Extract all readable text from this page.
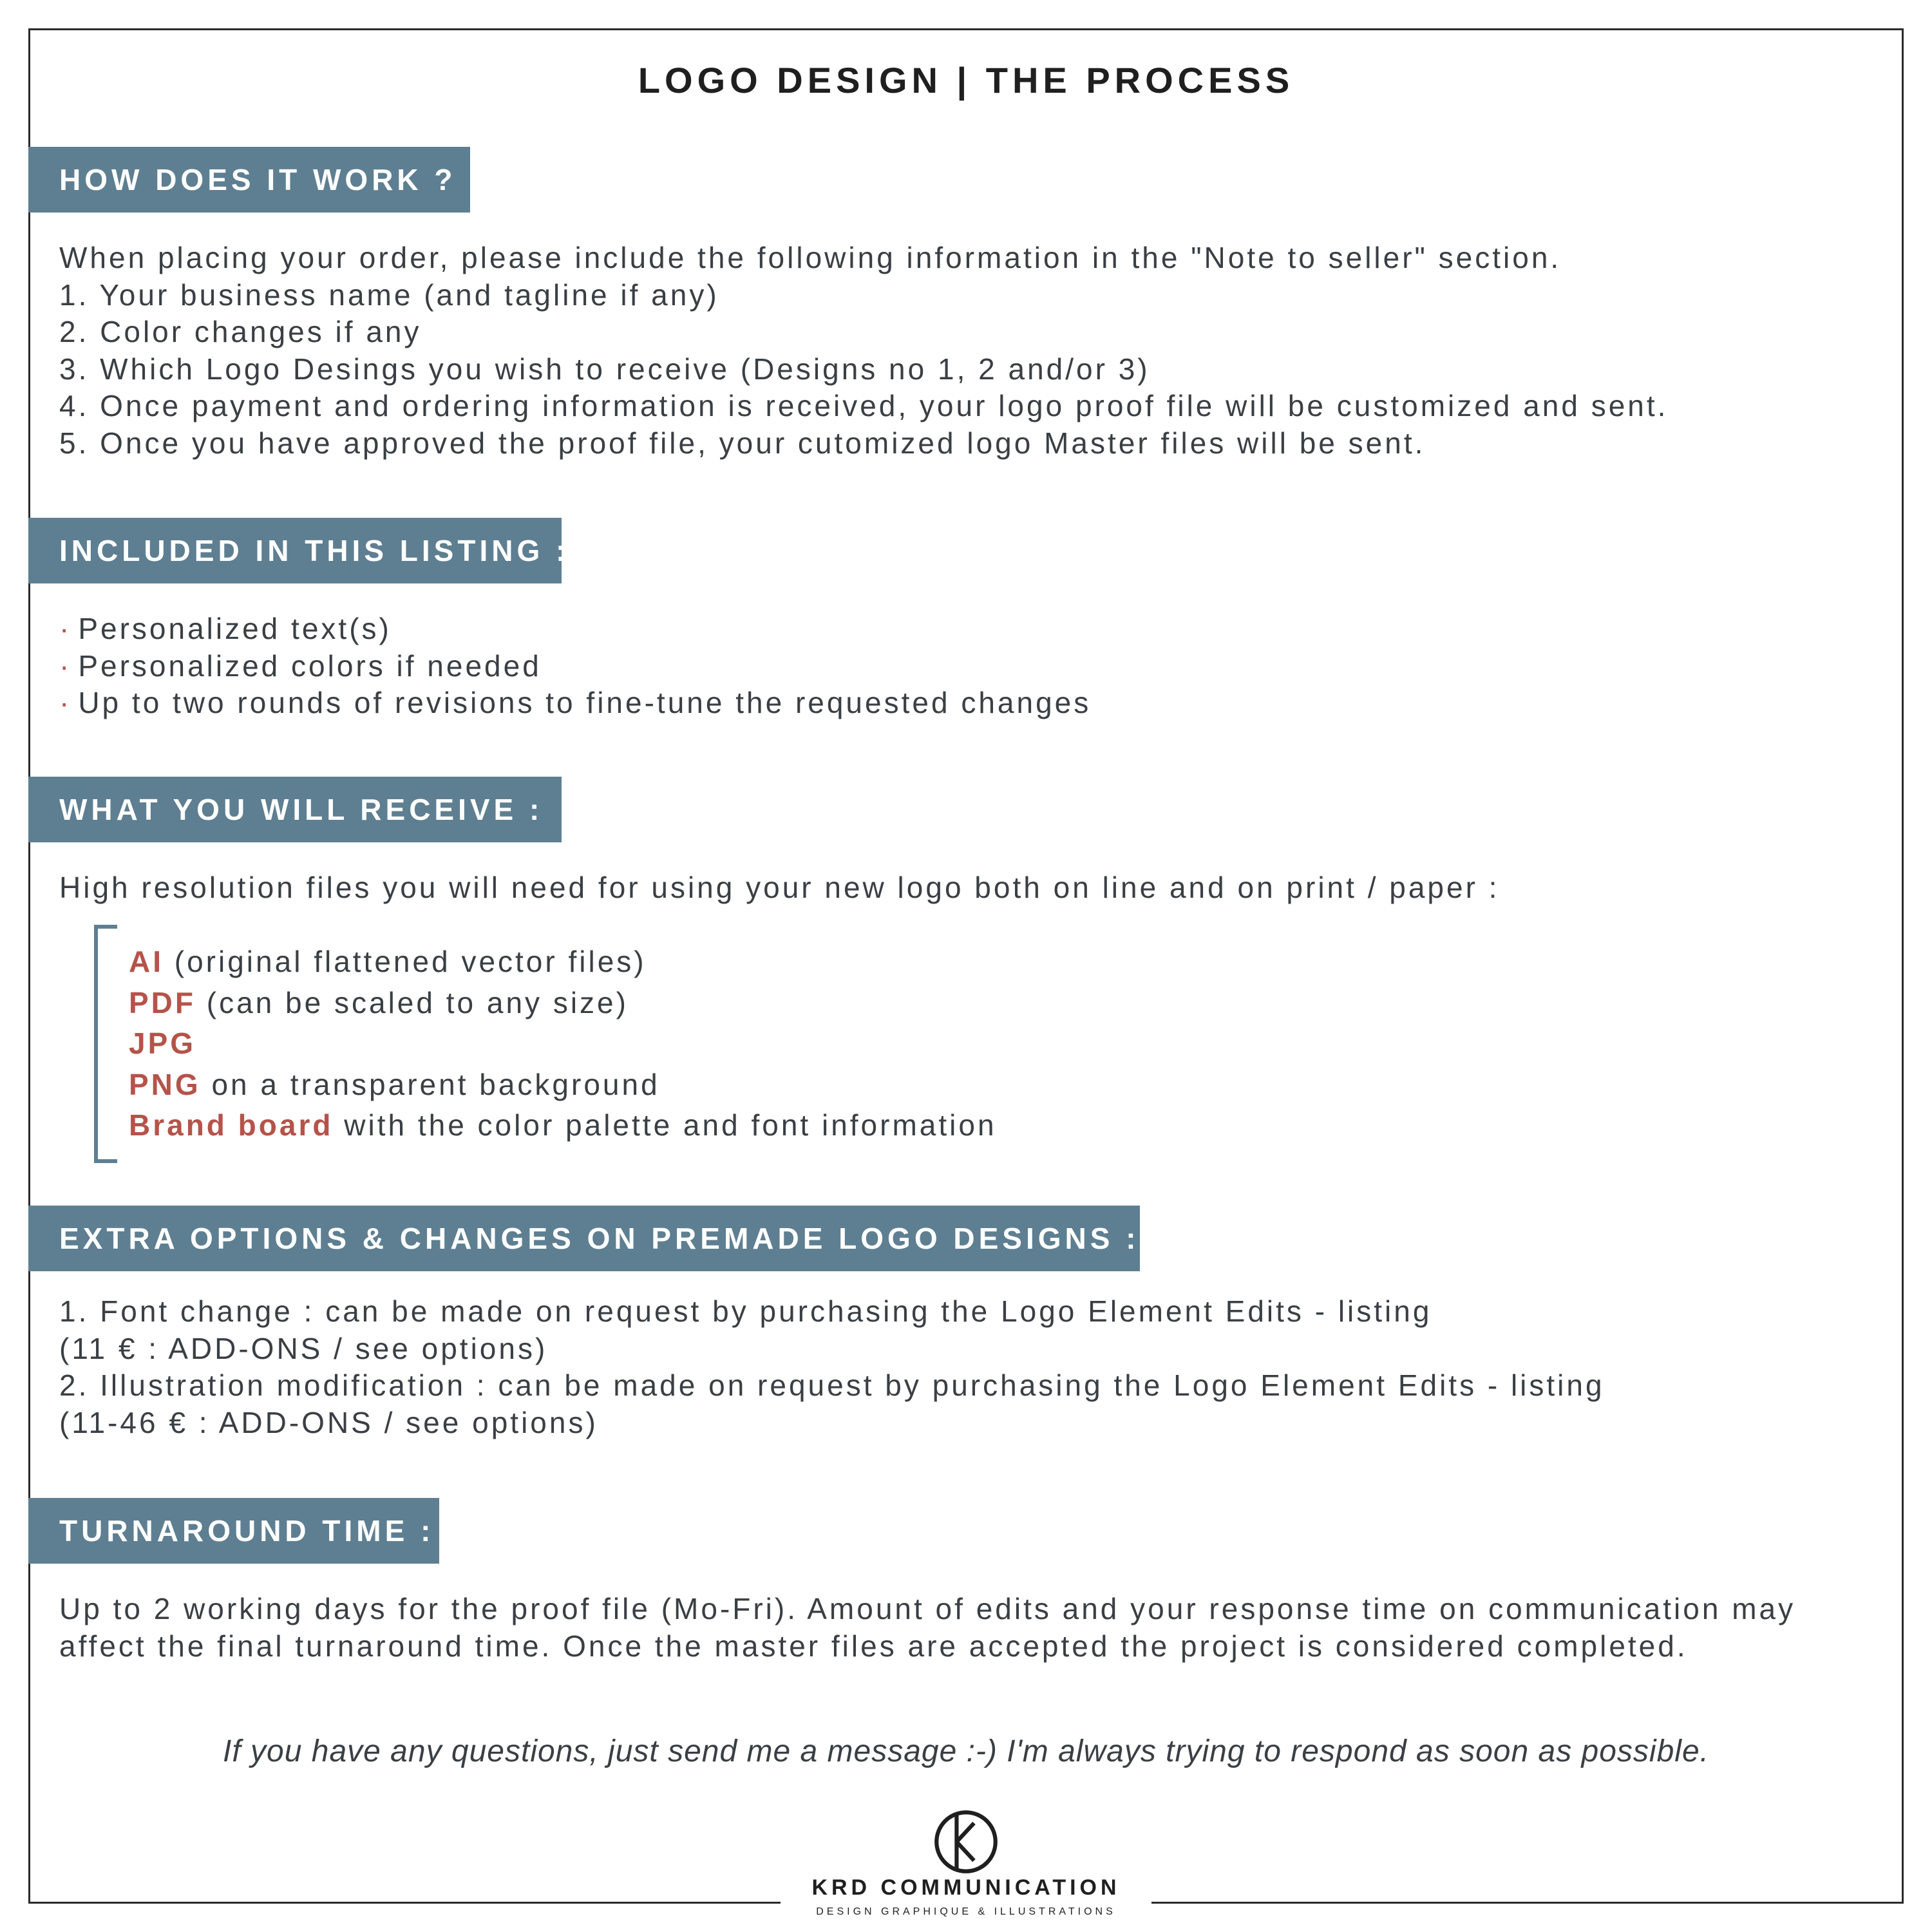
LOGO DESIGN | THE PROCESS
HOW DOES IT WORK ?
When placing your order, please include the following information in the "Note to seller" section.
1. Your business name (and tagline if any)
2. Color changes if any
3. Which Logo Desings you wish to receive (Designs no 1, 2 and/or 3)
4. Once payment and ordering information is received, your logo proof file will be customized and sent.
5. Once you have approved the proof file, your cutomized logo Master files will be sent.
INCLUDED IN THIS LISTING :
· Personalized text(s)
· Personalized colors if needed
· Up to two rounds of revisions to fine-tune the requested changes
WHAT YOU WILL RECEIVE :
High resolution files you will need for using your new logo both on line and on print / paper :
AI (original flattened vector files)
PDF (can be scaled to any size)
JPG
PNG on a transparent background
Brand board with the color palette and font information
EXTRA OPTIONS & CHANGES ON PREMADE LOGO DESIGNS :
1. Font change : can be made on request by purchasing the Logo Element Edits - listing
(11 € : ADD-ONS / see options)
2. Illustration modification : can be made on request by purchasing the Logo Element Edits - listing
(11-46 € : ADD-ONS / see options)
TURNAROUND TIME :
Up to 2 working days for the proof file (Mo-Fri). Amount of edits and your response time on communication may
affect the final turnaround time. Once the master files are accepted the project is considered completed.
If you have any questions, just send me a message :-) I'm always trying to respond as soon as possible.
KRD COMMUNICATION
DESIGN GRAPHIQUE & ILLUSTRATIONS
